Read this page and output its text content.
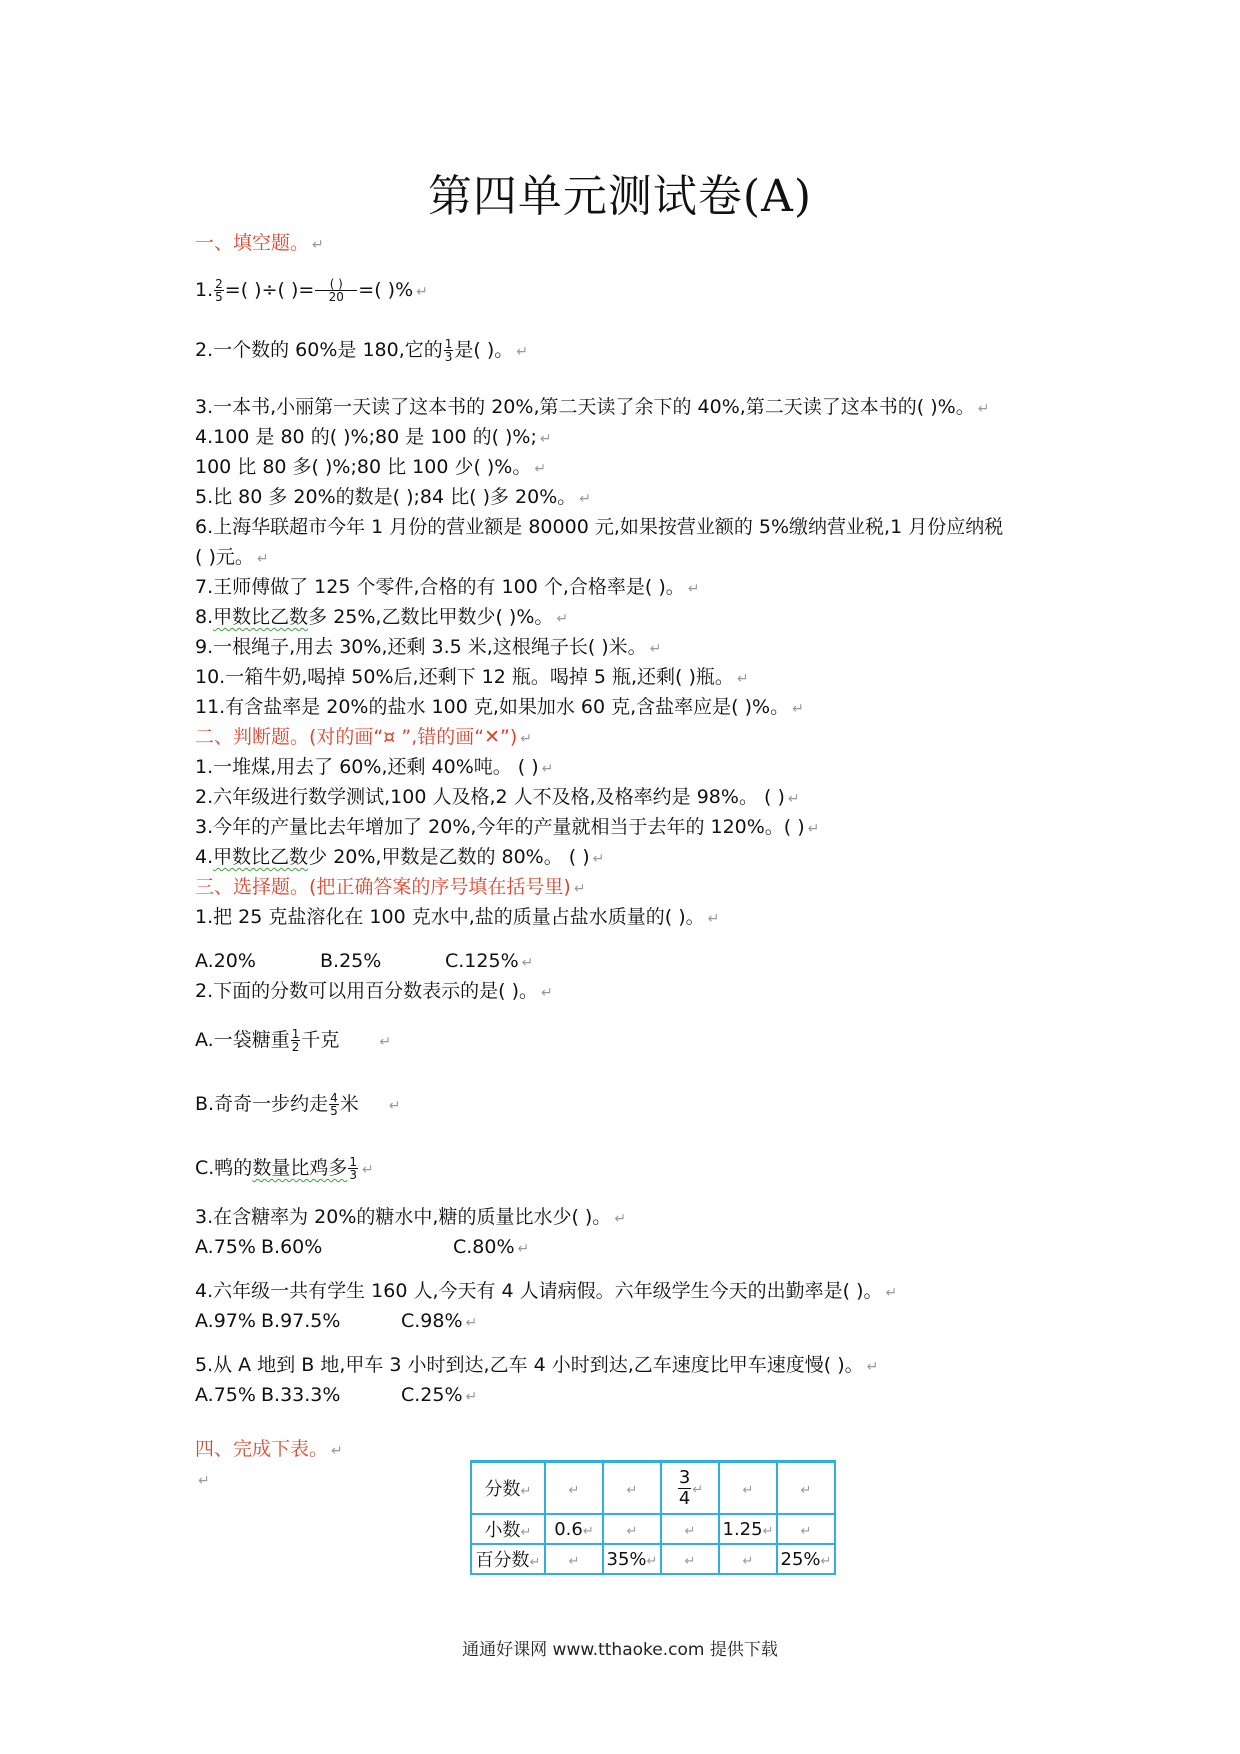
第四单元测试卷(A)
一、填空题。 ↵
1. $\frac{2}{5}$ =( )÷( )= $\frac{( )}{20}$ =( )% ↵
2.一个数的 60%是 180,它的 $\frac{1}{3}$ 是( )。 ↵
3.一本书,小丽第一天读了这本书的 20%,第二天读了余下的 40%,第二天读了这本书的( )%。 ↵
4.100 是 80 的( )%;80 是 100 的( )%; ↵
100 比 80 多( )%;80 比 100 少( )%。 ↵
5.比 80 多 20%的数是( );84 比( )多 20%。 ↵
6.上海华联超市今年 1 月份的营业额是 80000 元,如果按营业额的 5%缴纳营业税,1 月份应纳税
( )元。 ↵
7.王师傅做了 125 个零件,合格的有 100 个,合格率是( )。 ↵
8.甲数比乙数多 25%,乙数比甲数少( )%。 ↵
9.一根绳子,用去 30%,还剩 3.5 米,这根绳子长( )米。 ↵
10.一箱牛奶,喝掉 50%后,还剩下 12 瓶。喝掉 5 瓶,还剩( )瓶。 ↵
11.有含盐率是 20%的盐水 100 克,如果加水 60 克,含盐率应是( )%。 ↵
二、判断题。(对的画“¤ ”,错的画“✕”) ↵
1.一堆煤,用去了 60%,还剩 40%吨。 ( ) ↵
2.六年级进行数学测试,100 人及格,2 人不及格,及格率约是 98%。 ( ) ↵
3.今年的产量比去年增加了 20%,今年的产量就相当于去年的 120%。( ) ↵
4.甲数比乙数少 20%,甲数是乙数的 80%。 ( ) ↵
三、选择题。(把正确答案的序号填在括号里) ↵
1.把 25 克盐溶化在 100 克水中,盐的质量占盐水质量的( )。 ↵
A.20%	B.25%	C.125% ↵
2.下面的分数可以用百分数表示的是( )。 ↵
A.一袋糖重 $\frac{1}{2}$ 千克	↵
B.奇奇一步约走 $\frac{4}{5}$ 米 ↵
C.鸭的数量比鸡多 $\frac{1}{3}$ ↵
3.在含糖率为 20%的糖水中,糖的质量比水少( )。 ↵
A.75% B.60%	C.80% ↵
4.六年级一共有学生 160 人,今天有 4 人请病假。六年级学生今天的出勤率是( )。 ↵
A.97% B.97.5%	C.98% ↵
5.从 A 地到 B 地,甲车 3 小时到达,乙车 4 小时到达,乙车速度比甲车速度慢( )。 ↵
A.75% B.33.3%	C.25% ↵
四、完成下表。 ↵
↵	分数↵	↵	↵	$\frac{3}{4}$ ↵	↵	↵
小数↵	0.6↵	↵	↵	1.25↵	↵
百分数↵	↵	35%↵	↵	↵	25%↵
通通好课网 www.tthaoke.com 提供下载
